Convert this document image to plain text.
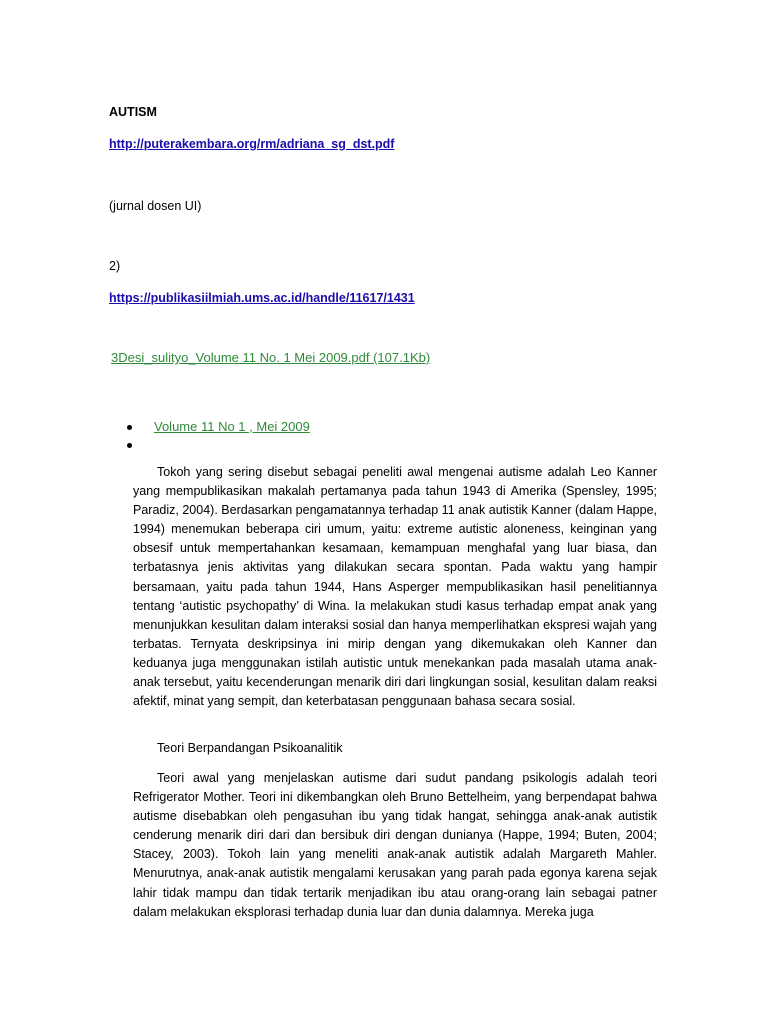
AUTISM
http://puterakembara.org/rm/adriana_sg_dst.pdf
(jurnal dosen UI)
2)
https://publikasiilmiah.ums.ac.id/handle/11617/1431
3Desi_sulityo_Volume 11 No. 1 Mei 2009.pdf (107.1Kb)
Volume 11 No 1 , Mei 2009

Tokoh yang sering disebut sebagai peneliti awal mengenai autisme adalah Leo Kanner yang mempublikasikan makalah pertamanya pada tahun 1943 di Amerika (Spensley, 1995; Paradiz, 2004). Berdasarkan pengamatannya terhadap 11 anak autistik Kanner (dalam Happe, 1994) menemukan beberapa ciri umum, yaitu: extreme autistic aloneness, keinginan yang obsesif untuk mempertahankan kesamaan, kemampuan menghafal yang luar biasa, dan terbatasnya jenis aktivitas yang dilakukan secara spontan. Pada waktu yang hampir bersamaan, yaitu pada tahun 1944, Hans Asperger mempublikasikan hasil penelitiannya tentang ‘autistic psychopathy’ di Wina. Ia melakukan studi kasus terhadap empat anak yang menunjukkan kesulitan dalam interaksi sosial dan hanya memperlihatkan ekspresi wajah yang terbatas. Ternyata deskripsinya ini mirip dengan yang dikemukakan oleh Kanner dan keduanya juga menggunakan istilah autistic untuk menekankan pada masalah utama anak-anak tersebut, yaitu kecenderungan menarik diri dari lingkungan sosial, kesulitan dalam reaksi afektif, minat yang sempit, dan keterbatasan penggunaan bahasa secara sosial.

Teori Berpandangan Psikoanalitik

Teori awal yang menjelaskan autisme dari sudut pandang psikologis adalah teori Refrigerator Mother. Teori ini dikembangkan oleh Bruno Bettelheim, yang berpendapat bahwa autisme disebabkan oleh pengasuhan ibu yang tidak hangat, sehingga anak-anak autistik cenderung menarik diri dari dan bersibuk diri dengan dunianya (Happe, 1994; Buten, 2004; Stacey, 2003). Tokoh lain yang meneliti anak-anak autistik adalah Margareth Mahler. Menurutnya, anak-anak autistik mengalami kerusakan yang parah pada egonya karena sejak lahir tidak mampu dan tidak tertarik menjadikan ibu atau orang-orang lain sebagai patner dalam melakukan eksplorasi terhadap dunia luar dan dunia dalamnya. Mereka juga
